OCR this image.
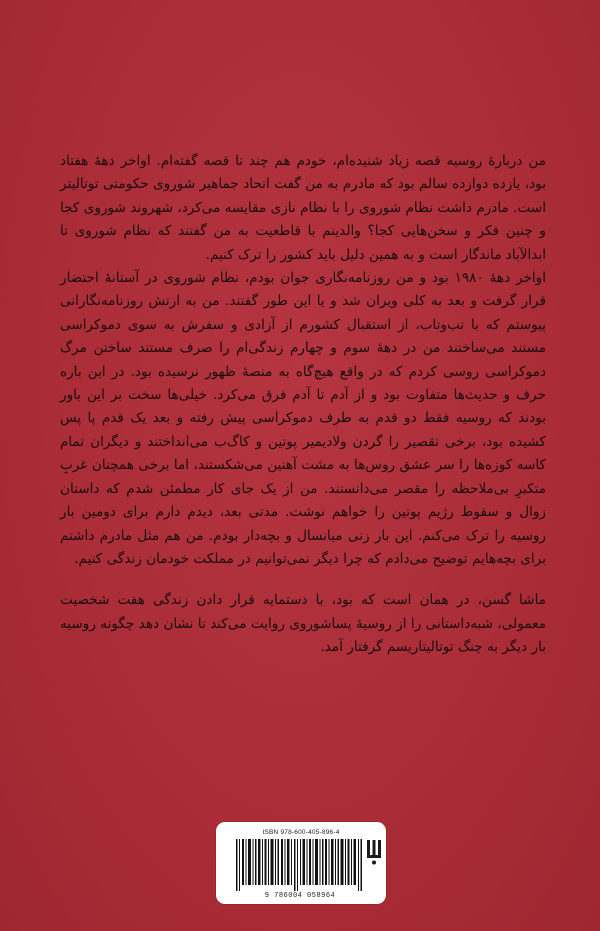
من دربارهٔ روسیه قصه زیاد شنیده‌ام، خودم هم چند تا قصه گفته‌ام. اواخر دههٔ هفتاد بود، یازده دوازده سالم بود که مادرم به من گفت اتحاد جماهیر شوروی حکومتی توتالیتر است. مادرم داشت نظام شوروی را با نظام نازی مقایسه می‌کرد، شهروند شوروی کجا و چنین فکر و سخن‌هایی کجا؟ والدینم با قاطعیت به من گفتند که نظام شوروی تا ابدالآباد ماندگار است و به همین دلیل باید کشور را ترک کنیم.

اواخر دههٔ ۱۹۸۰ بود و من روزنامه‌نگاری جوان بودم، نظام شوروی در آستانهٔ احتضار قرار گرفت و بعد به کلی ویران شد و یا این طور گفتند. من به ارتش روزنامه‌نگارانی پیوستم که با تب‌وتاب، از استقبال کشورم از آزادی و سفرش به سوی دموکراسی مستند می‌ساختند من در دههٔ سوم و چهارم زندگی‌ام را صرف مستند ساختن مرگ دموکراسی روسی کردم که در واقع هیچ‌گاه به منصهٔ ظهور نرسیده بود. در این باره حرف و حدیث‌ها متفاوت بود و از آدم تا آدم فرق می‌کرد. خیلی‌ها سخت بر این باور بودند که روسیه فقط دو قدم به طرف دموکراسی پیش رفته و بعد یک قدم پا پس کشیده بود، برخی تقصیر را گردن ولادیمیر پوتین و کاگ‌ب می‌انداختند و دیگران تمام کاسه کوزه‌ها را سر عشق روس‌ها به مشت آهنین می‌شکستند، اما برخی همچنان غربِ متکبرِ بی‌ملاحظه را مقصر می‌دانستند. من از یک جای کار مطمئن شدم که داستان زوال و سقوط رژیم پوتین را خواهم نوشت. مدتی بعد، دیدم دارم برای دومین بار روسیه را ترک می‌کنم. این بار زنی میانسال و بچه‌دار بودم. من هم مثل مادرم داشتم برای بچه‌هایم توضیح می‌دادم که چرا دیگر نمی‌توانیم در مملکت خودمان زندگی کنیم.

ماشا گسن، در همان است که بود، با دستمایه قرار دادن زندگی هفت شخصیت معمولی، شبه‌داستانی را از روسیهٔ پساشوروی روایت می‌کند تا نشان دهد چگونه روسیه بار دیگر به چنگ توتالیتاریسم گرفتار آمد.

ISBN 978-600-405-896-4
9 786004 058964
